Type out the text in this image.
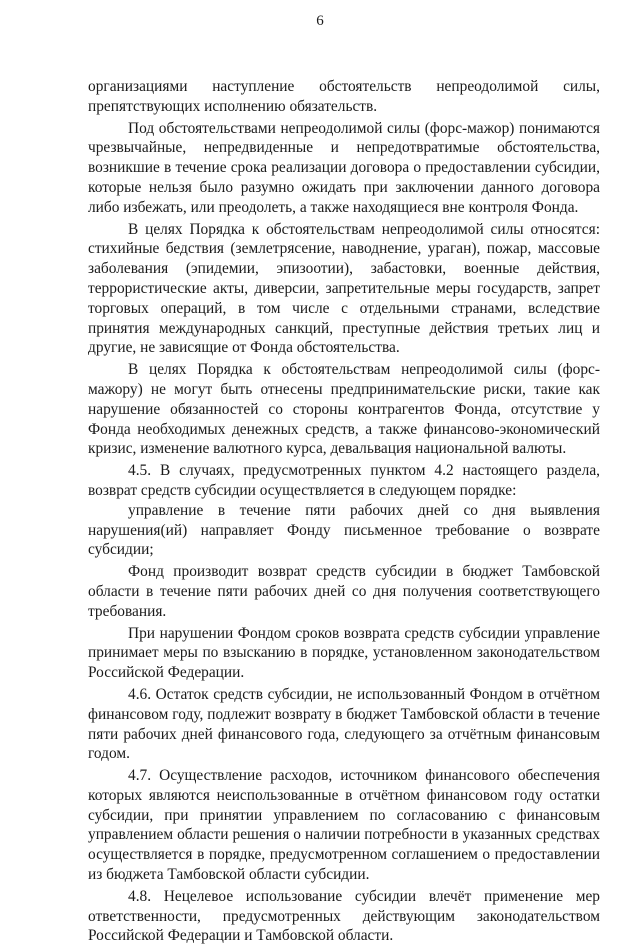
6

организациями наступление обстоятельств непреодолимой силы, препятствующих исполнению обязательств.

Под обстоятельствами непреодолимой силы (форс-мажор) понимаются чрезвычайные, непредвиденные и непредотвратимые обстоятельства, возникшие в течение срока реализации договора о предоставлении субсидии, которые нельзя было разумно ожидать при заключении данного договора либо избежать, или преодолеть, а также находящиеся вне контроля Фонда.

В целях Порядка к обстоятельствам непреодолимой силы относятся: стихийные бедствия (землетрясение, наводнение, ураган), пожар, массовые заболевания (эпидемии, эпизоотии), забастовки, военные действия, террористические акты, диверсии, запретительные меры государств, запрет торговых операций, в том числе с отдельными странами, вследствие принятия международных санкций, преступные действия третьих лиц и другие, не зависящие от Фонда обстоятельства.

В целях Порядка к обстоятельствам непреодолимой силы (форс-мажору) не могут быть отнесены предпринимательские риски, такие как нарушение обязанностей со стороны контрагентов Фонда, отсутствие у Фонда необходимых денежных средств, а также финансово-экономический кризис, изменение валютного курса, девальвация национальной валюты.

4.5. В случаях, предусмотренных пунктом 4.2 настоящего раздела, возврат средств субсидии осуществляется в следующем порядке:

управление в течение пяти рабочих дней со дня выявления нарушения(ий) направляет Фонду письменное требование о возврате субсидии;

Фонд производит возврат средств субсидии в бюджет Тамбовской области в течение пяти рабочих дней со дня получения соответствующего требования.

При нарушении Фондом сроков возврата средств субсидии управление принимает меры по взысканию в порядке, установленном законодательством Российской Федерации.

4.6. Остаток средств субсидии, не использованный Фондом в отчётном финансовом году, подлежит возврату в бюджет Тамбовской области в течение пяти рабочих дней финансового года, следующего за отчётным финансовым годом.

4.7. Осуществление расходов, источником финансового обеспечения которых являются неиспользованные в отчётном финансовом году остатки субсидии, при принятии управлением по согласованию с финансовым управлением области решения о наличии потребности в указанных средствах осуществляется в порядке, предусмотренном соглашением о предоставлении из бюджета Тамбовской области субсидии.

4.8. Нецелевое использование субсидии влечёт применение мер ответственности, предусмотренных действующим законодательством Российской Федерации и Тамбовской области.
